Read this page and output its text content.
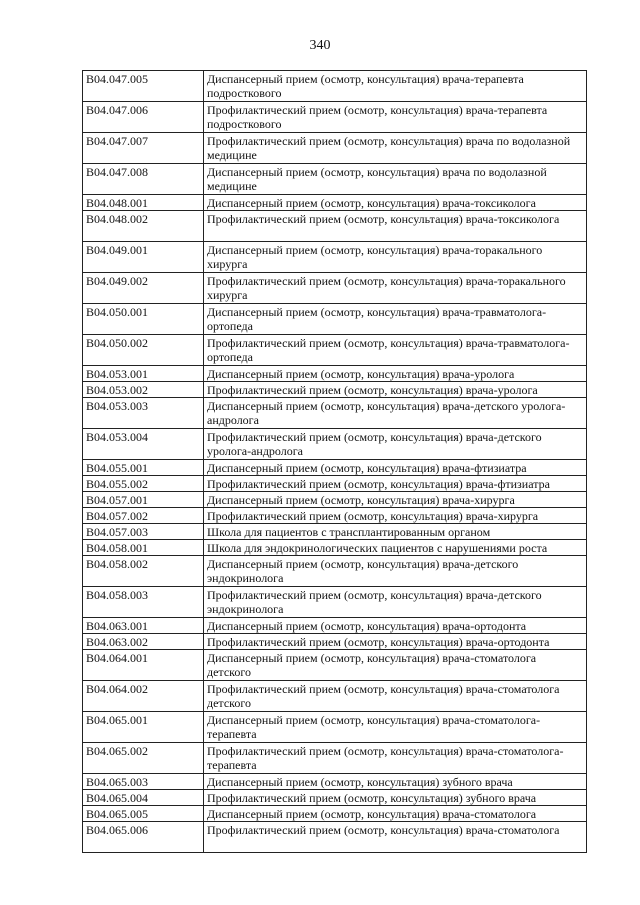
340
B04.047.005	Диспансерный прием (осмотр, консультация) врача-терапевта подросткового
B04.047.006	Профилактический прием (осмотр, консультация) врача-терапевта подросткового
B04.047.007	Профилактический прием (осмотр, консультация) врача по водолазной медицине
B04.047.008	Диспансерный прием (осмотр, консультация) врача по водолазной медицине
B04.048.001	Диспансерный прием (осмотр, консультация) врача-токсиколога
B04.048.002	Профилактический прием (осмотр, консультация) врача-токсиколога
B04.049.001	Диспансерный прием (осмотр, консультация) врача-торакального хирурга
B04.049.002	Профилактический прием (осмотр, консультация) врача-торакального хирурга
B04.050.001	Диспансерный прием (осмотр, консультация) врача-травматолога-ортопеда
B04.050.002	Профилактический прием (осмотр, консультация) врача-травматолога-ортопеда
B04.053.001	Диспансерный прием (осмотр, консультация) врача-уролога
B04.053.002	Профилактический прием (осмотр, консультация) врача-уролога
B04.053.003	Диспансерный прием (осмотр, консультация) врача-детского уролога-андролога
B04.053.004	Профилактический прием (осмотр, консультация) врача-детского уролога-андролога
B04.055.001	Диспансерный прием (осмотр, консультация) врача-фтизиатра
B04.055.002	Профилактический прием (осмотр, консультация) врача-фтизиатра
B04.057.001	Диспансерный прием (осмотр, консультация) врача-хирурга
B04.057.002	Профилактический прием (осмотр, консультация) врача-хирурга
B04.057.003	Школа для пациентов с трансплантированным органом
B04.058.001	Школа для эндокринологических пациентов с нарушениями роста
B04.058.002	Диспансерный прием (осмотр, консультация) врача-детского эндокринолога
B04.058.003	Профилактический прием (осмотр, консультация) врача-детского эндокринолога
B04.063.001	Диспансерный прием (осмотр, консультация) врача-ортодонта
B04.063.002	Профилактический прием (осмотр, консультация) врача-ортодонта
B04.064.001	Диспансерный прием (осмотр, консультация) врача-стоматолога детского
B04.064.002	Профилактический прием (осмотр, консультация) врача-стоматолога детского
B04.065.001	Диспансерный прием (осмотр, консультация) врача-стоматолога-терапевта
B04.065.002	Профилактический прием (осмотр, консультация) врача-стоматолога-терапевта
B04.065.003	Диспансерный прием (осмотр, консультация) зубного врача
B04.065.004	Профилактический прием (осмотр, консультация) зубного врача
B04.065.005	Диспансерный прием (осмотр, консультация) врача-стоматолога
B04.065.006	Профилактический прием (осмотр, консультация) врача-стоматолога
